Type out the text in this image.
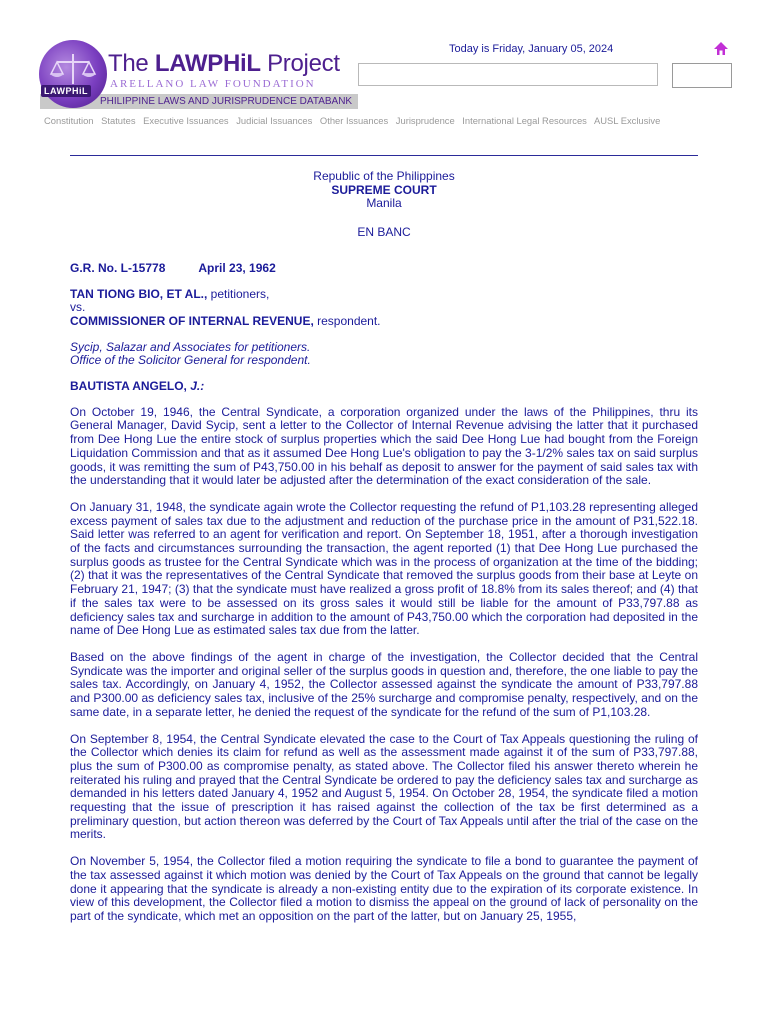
LAWPHiL
The LAWPHiL Project
ARELLANO LAW FOUNDATION
PHILIPPINE LAWS AND JURISPRUDENCE DATABANK
Today is Friday, January 05, 2024
Constitution Statutes Executive Issuances Judicial Issuances Other Issuances Jurisprudence International Legal Resources AUSL Exclusive

Republic of the Philippines

SUPREME COURT

Manila

EN BANC

G.R. No. L-15778	April 23, 1962

TAN TIONG BIO, ET AL., petitioners,

vs.

COMMISSIONER OF INTERNAL REVENUE, respondent.

Sycip, Salazar and Associates for petitioners.

Office of the Solicitor General for respondent.

BAUTISTA ANGELO, J.:

On October 19, 1946, the Central Syndicate, a corporation organized under the laws of the Philippines, thru its General Manager, David Sycip, sent a letter to the Collector of Internal Revenue advising the latter that it purchased from Dee Hong Lue the entire stock of surplus properties which the said Dee Hong Lue had bought from the Foreign Liquidation Commission and that as it assumed Dee Hong Lue's obligation to pay the 3-1/2% sales tax on said surplus goods, it was remitting the sum of P43,750.00 in his behalf as deposit to answer for the payment of said sales tax with the understanding that it would later be adjusted after the determination of the exact consideration of the sale.

On January 31, 1948, the syndicate again wrote the Collector requesting the refund of P1,103.28 representing alleged excess payment of sales tax due to the adjustment and reduction of the purchase price in the amount of P31,522.18. Said letter was referred to an agent for verification and report. On September 18, 1951, after a thorough investigation of the facts and circumstances surrounding the transaction, the agent reported (1) that Dee Hong Lue purchased the surplus goods as trustee for the Central Syndicate which was in the process of organization at the time of the bidding; (2) that it was the representatives of the Central Syndicate that removed the surplus goods from their base at Leyte on February 21, 1947; (3) that the syndicate must have realized a gross profit of 18.8% from its sales thereof; and (4) that if the sales tax were to be assessed on its gross sales it would still be liable for the amount of P33,797.88 as deficiency sales tax and surcharge in addition to the amount of P43,750.00 which the corporation had deposited in the name of Dee Hong Lue as estimated sales tax due from the latter.

Based on the above findings of the agent in charge of the investigation, the Collector decided that the Central Syndicate was the importer and original seller of the surplus goods in question and, therefore, the one liable to pay the sales tax. Accordingly, on January 4, 1952, the Collector assessed against the syndicate the amount of P33,797.88 and P300.00 as deficiency sales tax, inclusive of the 25% surcharge and compromise penalty, respectively, and on the same date, in a separate letter, he denied the request of the syndicate for the refund of the sum of P1,103.28.

On September 8, 1954, the Central Syndicate elevated the case to the Court of Tax Appeals questioning the ruling of the Collector which denies its claim for refund as well as the assessment made against it of the sum of P33,797.88, plus the sum of P300.00 as compromise penalty, as stated above. The Collector filed his answer thereto wherein he reiterated his ruling and prayed that the Central Syndicate be ordered to pay the deficiency sales tax and surcharge as demanded in his letters dated January 4, 1952 and August 5, 1954. On October 28, 1954, the syndicate filed a motion requesting that the issue of prescription it has raised against the collection of the tax be first determined as a preliminary question, but action thereon was deferred by the Court of Tax Appeals until after the trial of the case on the merits.

On November 5, 1954, the Collector filed a motion requiring the syndicate to file a bond to guarantee the payment of the tax assessed against it which motion was denied by the Court of Tax Appeals on the ground that cannot be legally done it appearing that the syndicate is already a non-existing entity due to the expiration of its corporate existence. In view of this development, the Collector filed a motion to dismiss the appeal on the ground of lack of personality on the part of the syndicate, which met an opposition on the part of the latter, but on January 25, 1955,
